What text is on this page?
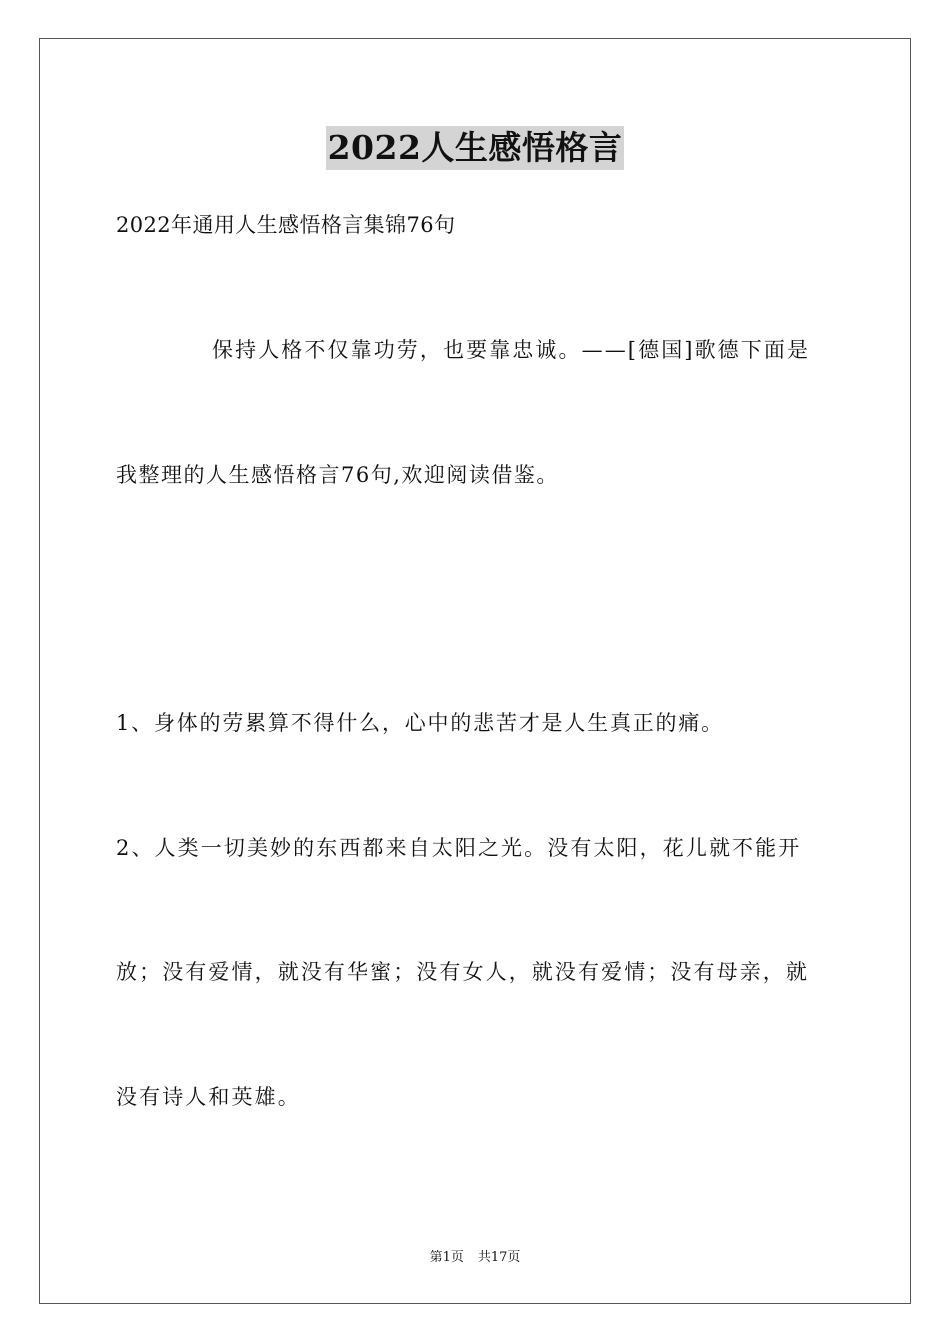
2022人生感悟格言
2022年通用人生感悟格言集锦76句
保持人格不仅靠功劳，也要靠忠诚。——[德国]歌德下面是
我整理的人生感悟格言76句,欢迎阅读借鉴。
1、身体的劳累算不得什么，心中的悲苦才是人生真正的痛。
2、人类一切美妙的东西都来自太阳之光。没有太阳，花儿就不能开
放；没有爱情，就没有华蜜；没有女人，就没有爱情；没有母亲，就
没有诗人和英雄。
第1页 共17页
